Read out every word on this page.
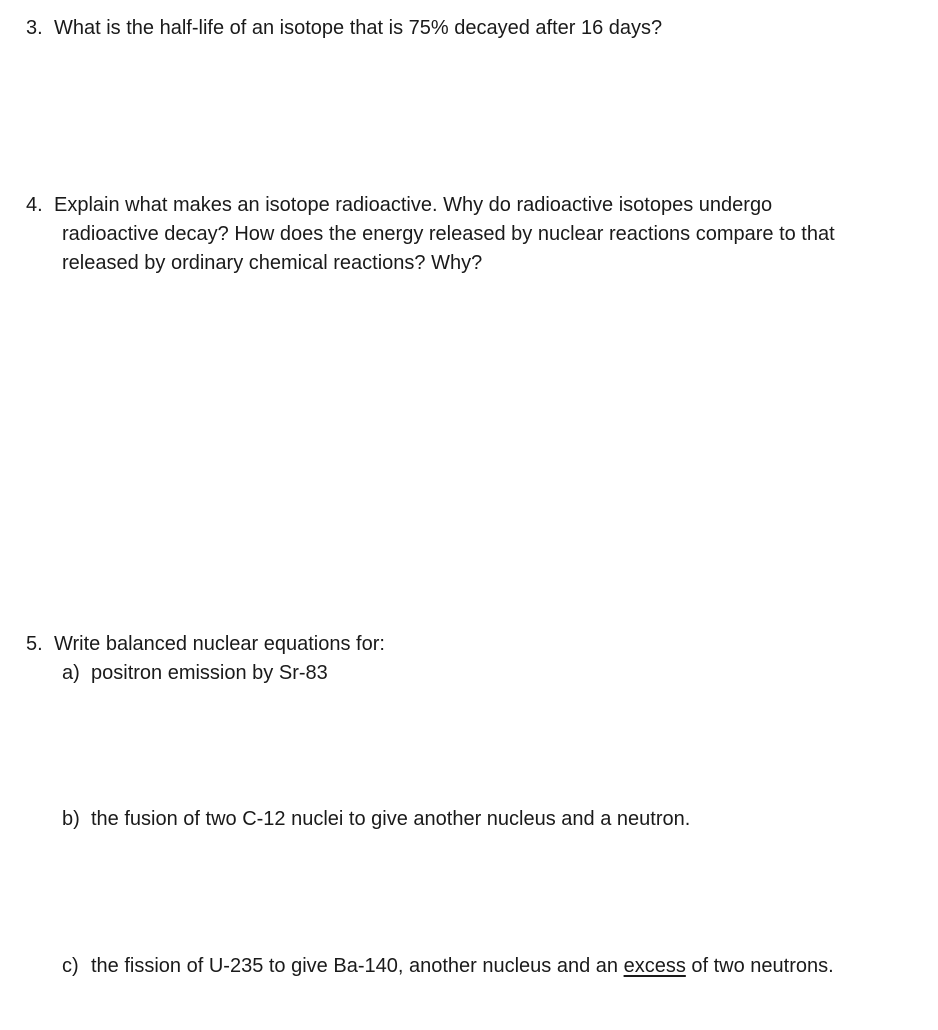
3. What is the half-life of an isotope that is 75% decayed after 16 days?
4. Explain what makes an isotope radioactive. Why do radioactive isotopes undergo
radioactive decay? How does the energy released by nuclear reactions compare to that
released by ordinary chemical reactions? Why?
5. Write balanced nuclear equations for:
a) positron emission by Sr-83
b) the fusion of two C-12 nuclei to give another nucleus and a neutron.
c) the fission of U-235 to give Ba-140, another nucleus and an excess of two neutrons.
